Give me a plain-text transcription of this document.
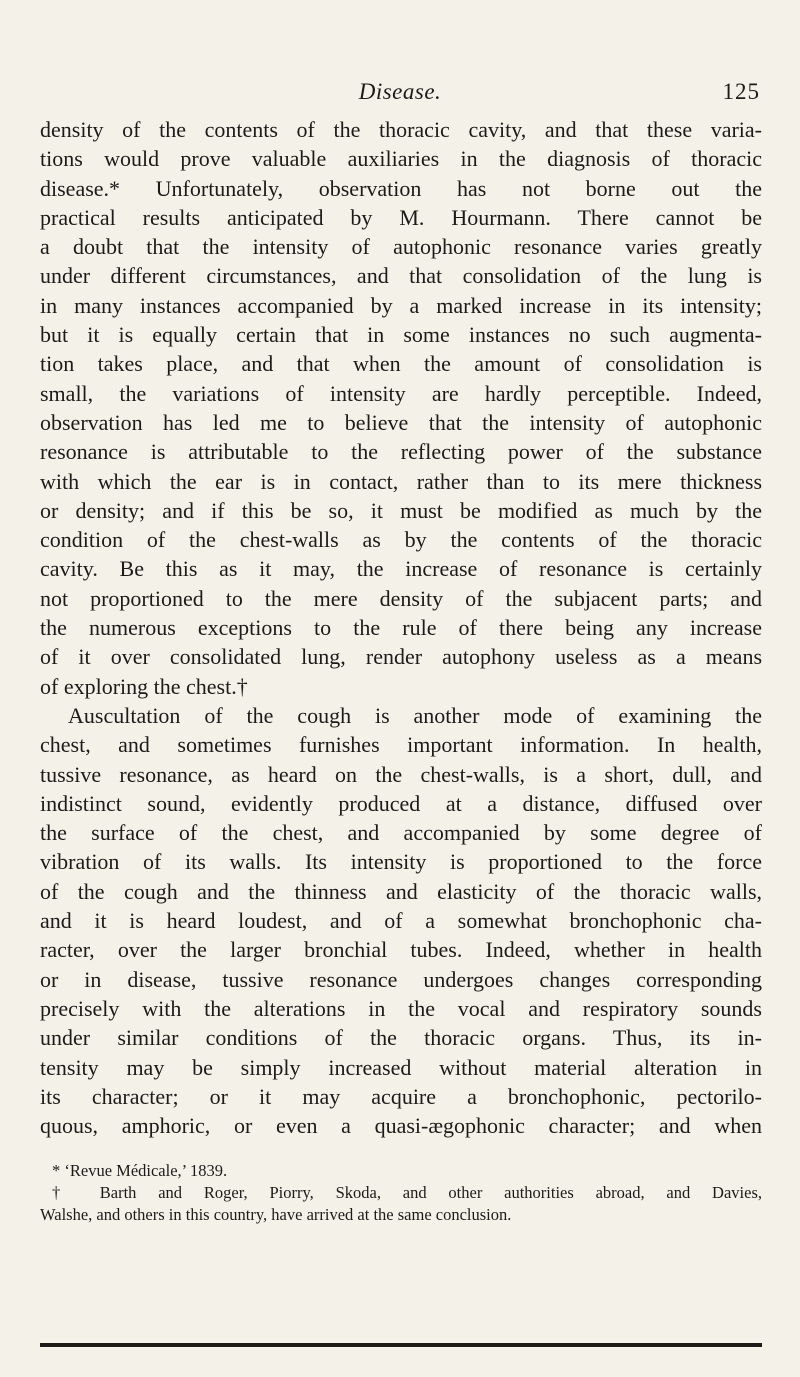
Disease.	125
density of the contents of the thoracic cavity, and that these varia-
tions would prove valuable auxiliaries in the diagnosis of thoracic
disease.* Unfortunately, observation has not borne out the
practical results anticipated by M. Hourmann. There cannot be
a doubt that the intensity of autophonic resonance varies greatly
under different circumstances, and that consolidation of the lung is
in many instances accompanied by a marked increase in its intensity;
but it is equally certain that in some instances no such augmenta-
tion takes place, and that when the amount of consolidation is
small, the variations of intensity are hardly perceptible. Indeed,
observation has led me to believe that the intensity of autophonic
resonance is attributable to the reflecting power of the substance
with which the ear is in contact, rather than to its mere thickness
or density; and if this be so, it must be modified as much by the
condition of the chest-walls as by the contents of the thoracic
cavity. Be this as it may, the increase of resonance is certainly
not proportioned to the mere density of the subjacent parts; and
the numerous exceptions to the rule of there being any increase
of it over consolidated lung, render autophony useless as a means
of exploring the chest.†
Auscultation of the cough is another mode of examining the
chest, and sometimes furnishes important information. In health,
tussive resonance, as heard on the chest-walls, is a short, dull, and
indistinct sound, evidently produced at a distance, diffused over
the surface of the chest, and accompanied by some degree of
vibration of its walls. Its intensity is proportioned to the force
of the cough and the thinness and elasticity of the thoracic walls,
and it is heard loudest, and of a somewhat bronchophonic cha-
racter, over the larger bronchial tubes. Indeed, whether in health
or in disease, tussive resonance undergoes changes corresponding
precisely with the alterations in the vocal and respiratory sounds
under similar conditions of the thoracic organs. Thus, its in-
tensity may be simply increased without material alteration in
its character; or it may acquire a bronchophonic, pectorilo-
quous, amphoric, or even a quasi-ægophonic character; and when
* ‘Revue Médicale,’ 1839.
† Barth and Roger, Piorry, Skoda, and other authorities abroad, and Davies,
Walshe, and others in this country, have arrived at the same conclusion.
